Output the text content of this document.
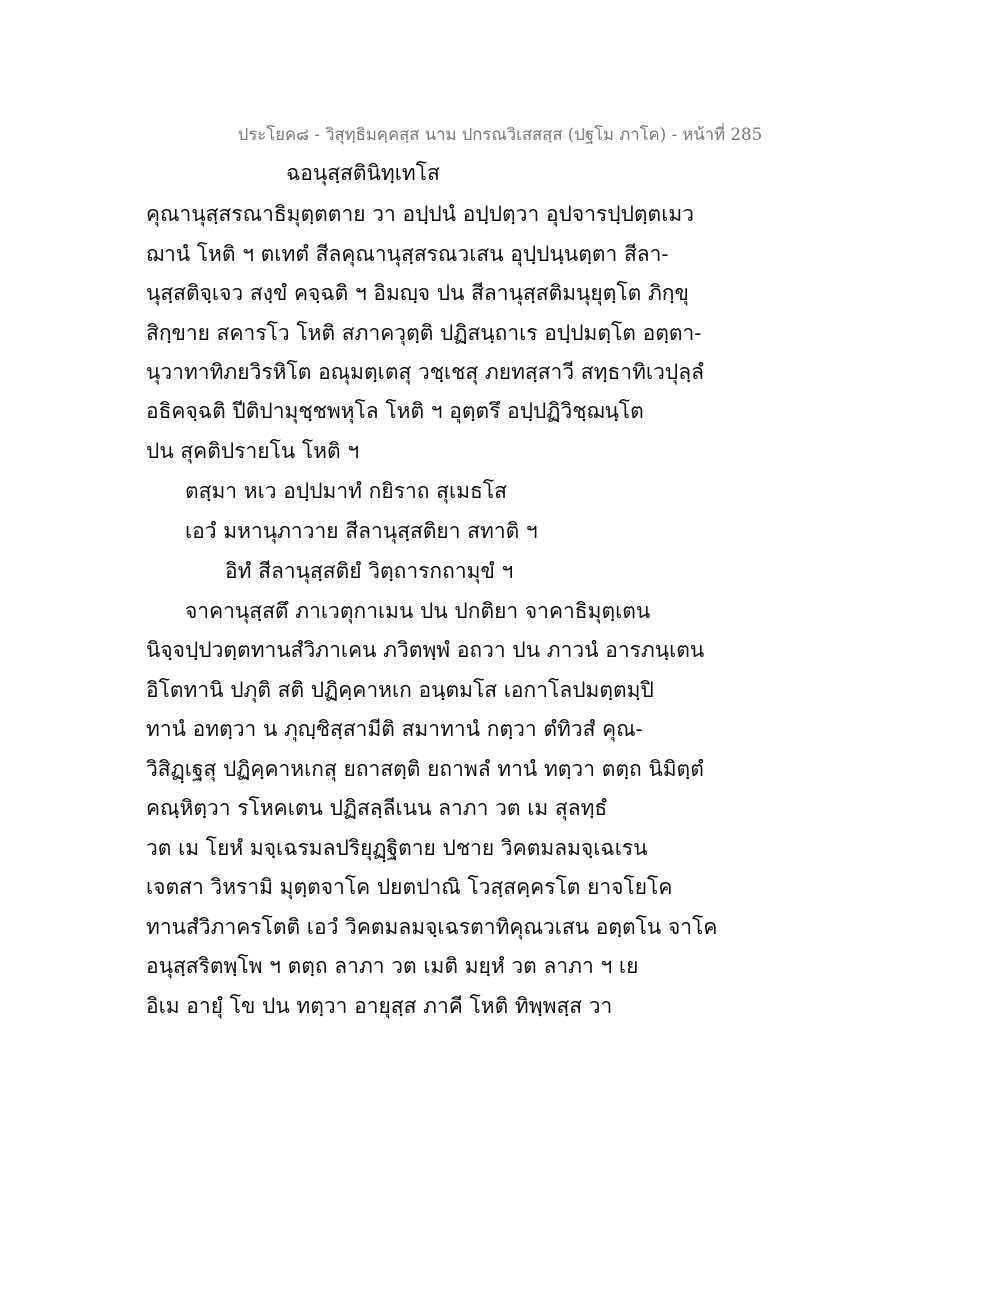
ประโยค๘ - วิสุทฺธิมคฺคสฺส นาม ปกรณวิเสสสฺส (ปฐโม ภาโค) - หน้าที่ 285
ฉอนุสฺสตินิทฺเทโส
คุณานุสฺสรณาธิมุตฺตตาย วา อปฺปนํ อปฺปตฺวา อุปจารปฺปตฺตเมว
ฌานํ โหติ ฯ ตเทตํ สีลคุณานุสฺสรณวเสน อุปฺปนฺนตฺตา สีลา-
นุสฺสติจฺเจว สงฺขํ คจฺฉติ ฯ อิมญฺจ ปน สีลานุสฺสติมนุยุตฺโต ภิกฺขุ
สิกฺขาย สคารโว โหติ สภาควุตฺติ ปฏิสนฺถาเร อปฺปมตฺโต อตฺตา-
นุวาทาทิภยวิรหิโต อณุมตฺเตสุ วชฺเชสุ ภยทสฺสาวี สทฺธาทิเวปุลฺลํ
อธิคจฺฉติ ปีติปามุชฺชพหุโล โหติ ฯ อุตฺตรึ อปฺปฏิวิชฺฌนฺโต
ปน สุคติปรายโน โหติ ฯ
ตสฺมา หเว อปฺปมาทํ กยิราถ สุเมธโส
เอวํ มหานุภาวาย สีลานุสฺสติยา สทาติ ฯ
อิทํ สีลานุสฺสติยํ วิตฺถารกถามุขํ ฯ
จาคานุสฺสตึ ภาเวตุกาเมน ปน ปกติยา จาคาธิมุตฺเตน
นิจฺจปฺปวตฺตทานสํวิภาเคน ภวิตพฺพํ อถวา ปน ภาวนํ อารภนฺเตน
อิโตทานิ ปภุติ สติ ปฏิคฺคาหเก อนฺตมโส เอกาโลปมตฺตมฺปิ
ทานํ อทตฺวา น ภุญฺชิสฺสามีติ สมาทานํ กตฺวา ตํทิวสํ คุณ-
วิสิฏฺเฐสุ ปฏิคฺคาหเกสุ ยถาสตฺติ ยถาพลํ ทานํ ทตฺวา ตตฺถ นิมิตฺตํ
คณฺหิตฺวา รโหคเตน ปฏิสลฺลีเนน ลาภา วต เม สุลทฺธํ
วต เม โยหํ มจฺเฉรมลปริยุฏฺฐิตาย ปชาย วิคตมลมจฺเฉเรน
เจตสา วิหรามิ มุตฺตจาโค ปยตปาณิ โวสฺสคฺครโต ยาจโยโค
ทานสํวิภาครโตติ เอวํ วิคตมลมจฺเฉรตาทิคุณวเสน อตฺตโน จาโค
อนุสฺสริตพฺโพ ฯ ตตฺถ ลาภา วต เมติ มยฺหํ วต ลาภา ฯ เย
อิเม อายุํ โข ปน ทตฺวา อายุสฺส ภาคี โหติ ทิพฺพสฺส วา
